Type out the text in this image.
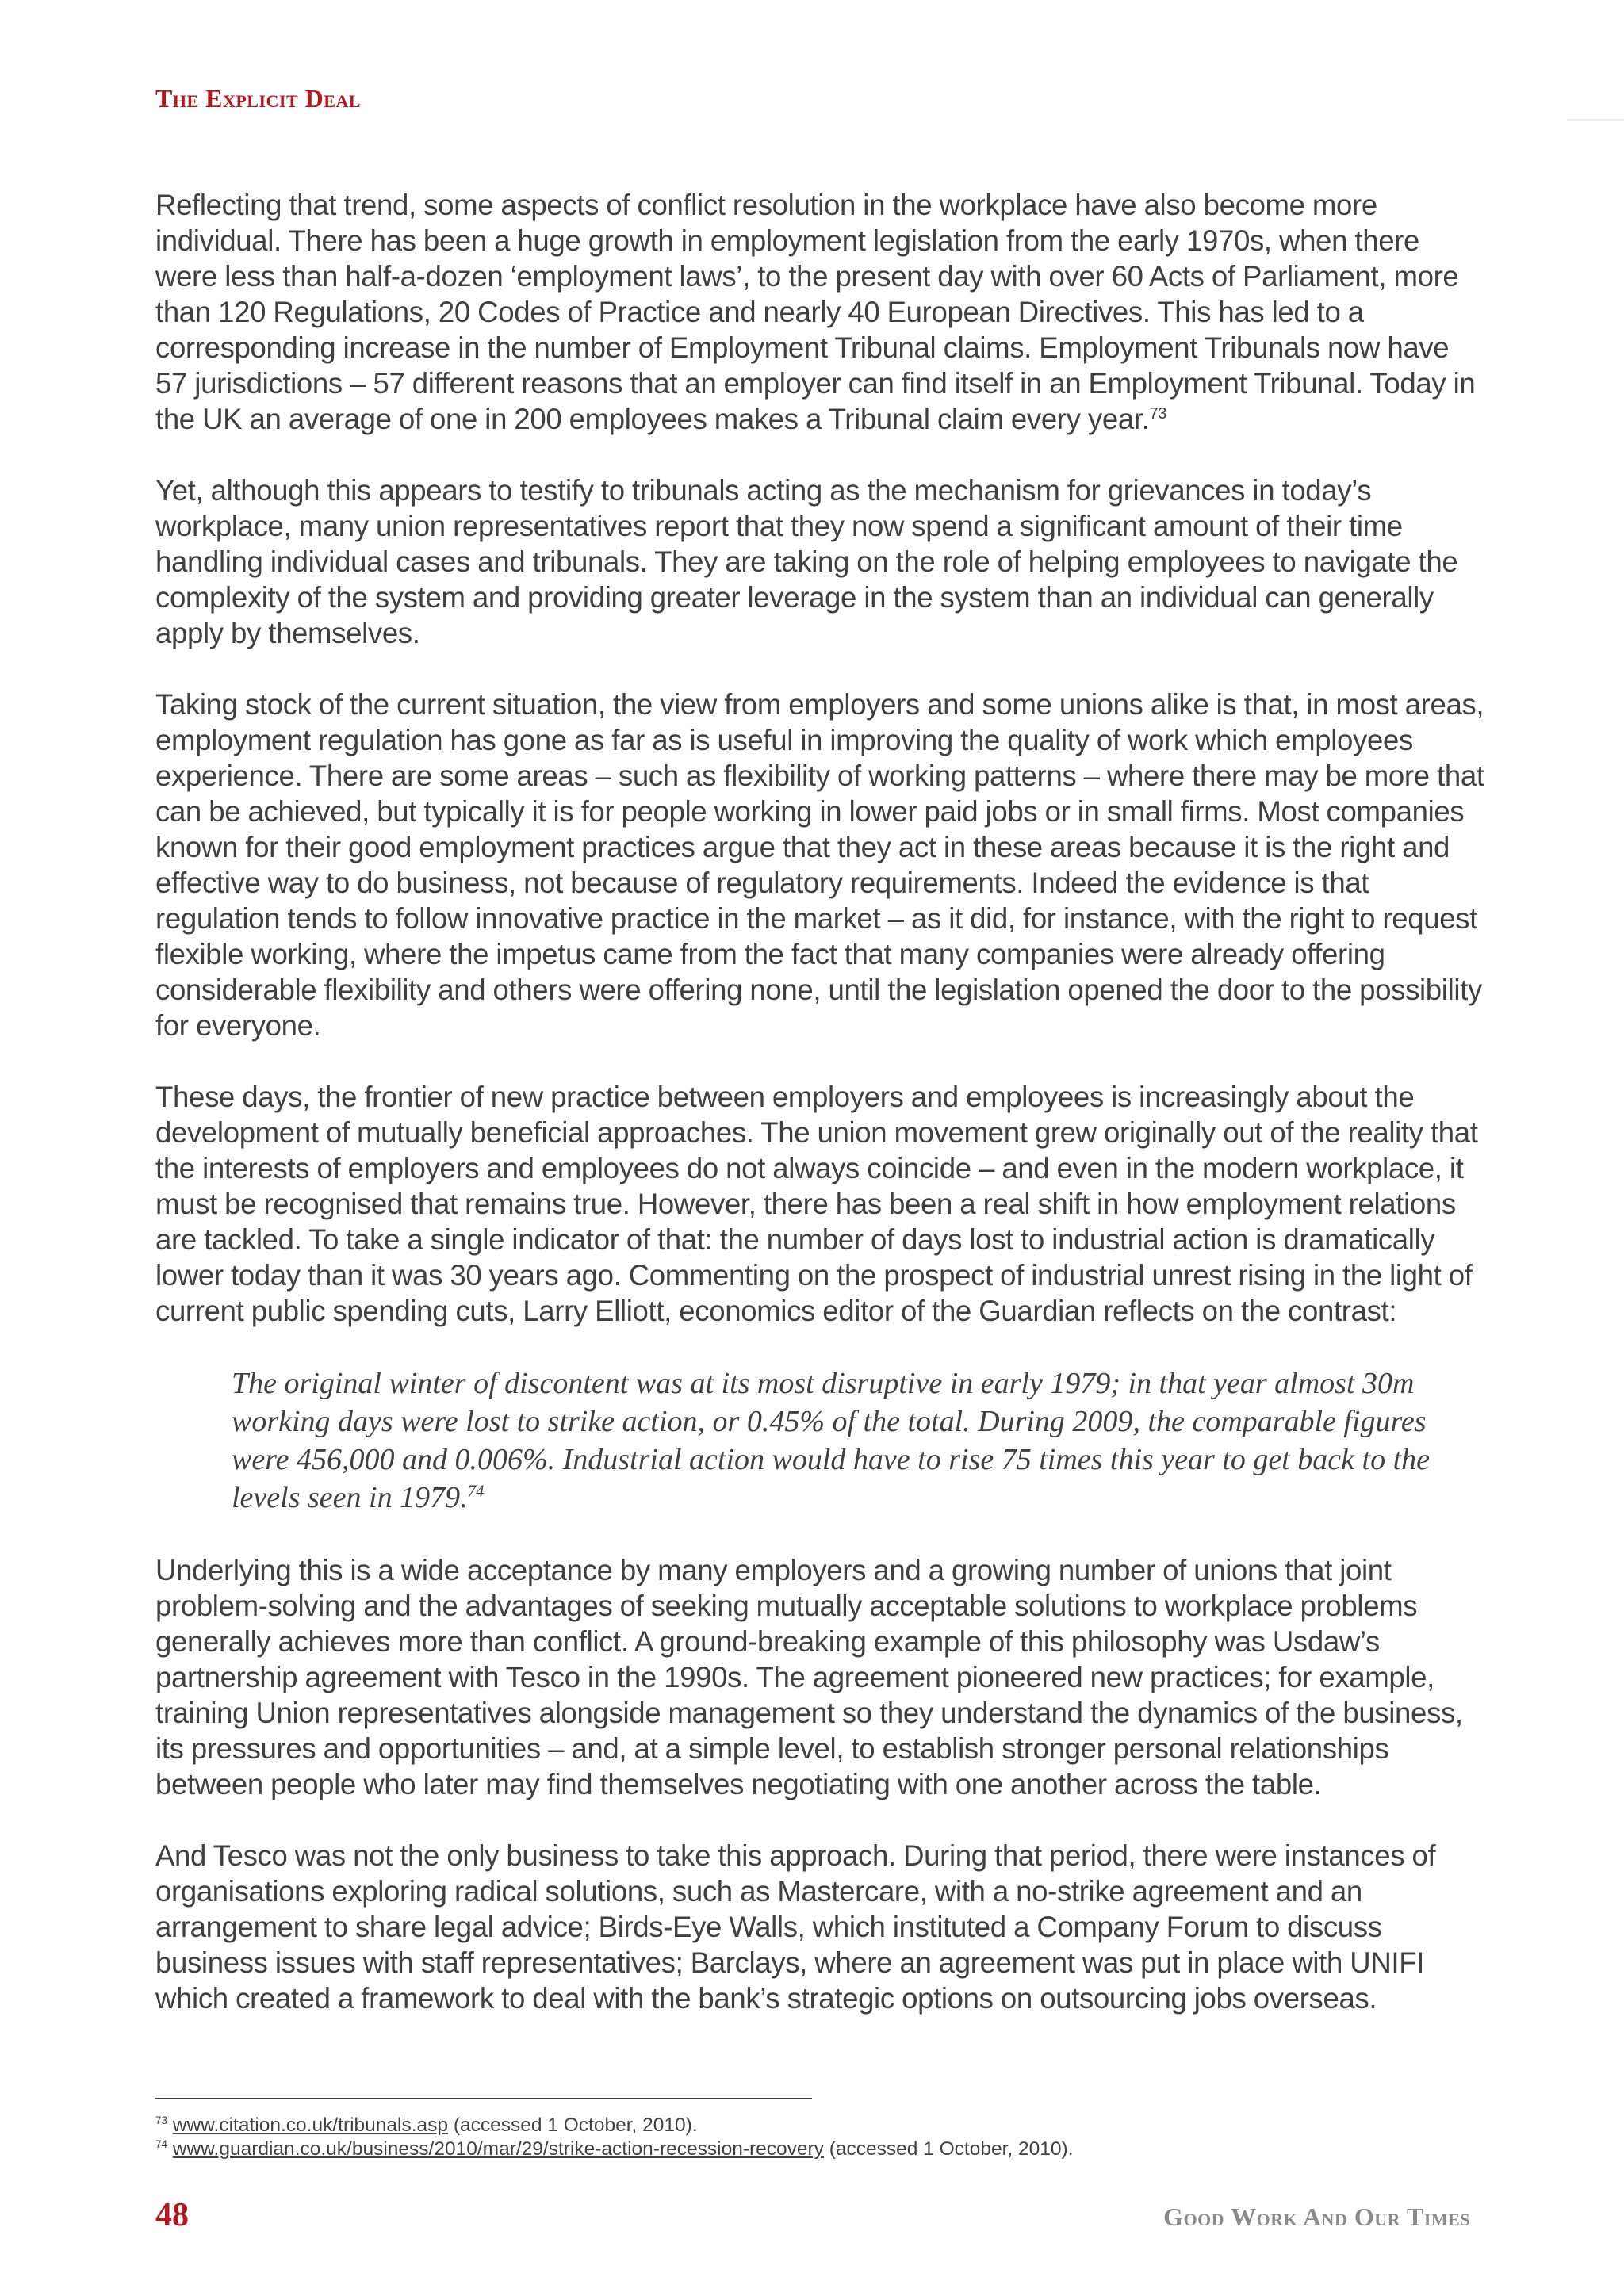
The Explicit Deal

Reflecting that trend, some aspects of conflict resolution in the workplace have also become more individual. There has been a huge growth in employment legislation from the early 1970s, when there were less than half-a-dozen ‘employment laws’, to the present day with over 60 Acts of Parliament, more than 120 Regulations, 20 Codes of Practice and nearly 40 European Directives. This has led to a corresponding increase in the number of Employment Tribunal claims. Employment Tribunals now have 57 jurisdictions – 57 different reasons that an employer can find itself in an Employment Tribunal. Today in the UK an average of one in 200 employees makes a Tribunal claim every year.$^{73}$

Yet, although this appears to testify to tribunals acting as the mechanism for grievances in today’s workplace, many union representatives report that they now spend a significant amount of their time handling individual cases and tribunals. They are taking on the role of helping employees to navigate the complexity of the system and providing greater leverage in the system than an individual can generally apply by themselves.

Taking stock of the current situation, the view from employers and some unions alike is that, in most areas, employment regulation has gone as far as is useful in improving the quality of work which employees experience. There are some areas – such as flexibility of working patterns – where there may be more that can be achieved, but typically it is for people working in lower paid jobs or in small firms. Most companies known for their good employment practices argue that they act in these areas because it is the right and effective way to do business, not because of regulatory requirements. Indeed the evidence is that regulation tends to follow innovative practice in the market – as it did, for instance, with the right to request flexible working, where the impetus came from the fact that many companies were already offering considerable flexibility and others were offering none, until the legislation opened the door to the possibility for everyone.

These days, the frontier of new practice between employers and employees is increasingly about the development of mutually beneficial approaches. The union movement grew originally out of the reality that the interests of employers and employees do not always coincide – and even in the modern workplace, it must be recognised that remains true. However, there has been a real shift in how employment relations are tackled. To take a single indicator of that: the number of days lost to industrial action is dramatically lower today than it was 30 years ago. Commenting on the prospect of industrial unrest rising in the light of current public spending cuts, Larry Elliott, economics editor of the Guardian reflects on the contrast:

The original winter of discontent was at its most disruptive in early 1979; in that year almost 30m working days were lost to strike action, or 0.45% of the total. During 2009, the comparable figures were 456,000 and 0.006%. Industrial action would have to rise 75 times this year to get back to the levels seen in 1979.74

Underlying this is a wide acceptance by many employers and a growing number of unions that joint problem-solving and the advantages of seeking mutually acceptable solutions to workplace problems generally achieves more than conflict. A ground-breaking example of this philosophy was Usdaw’s partnership agreement with Tesco in the 1990s. The agreement pioneered new practices; for example, training Union representatives alongside management so they understand the dynamics of the business, its pressures and opportunities – and, at a simple level, to establish stronger personal relationships between people who later may find themselves negotiating with one another across the table.

And Tesco was not the only business to take this approach. During that period, there were instances of organisations exploring radical solutions, such as Mastercare, with a no-strike agreement and an arrangement to share legal advice; Birds-Eye Walls, which instituted a Company Forum to discuss business issues with staff representatives; Barclays, where an agreement was put in place with UNIFI which created a framework to deal with the bank’s strategic options on outsourcing jobs overseas.

$^{73}$ www.citation.co.uk/tribunals.asp (accessed 1 October, 2010).
$^{74}$ www.guardian.co.uk/business/2010/mar/29/strike-action-recession-recovery (accessed 1 October, 2010).
48	Good Work And Our Times
